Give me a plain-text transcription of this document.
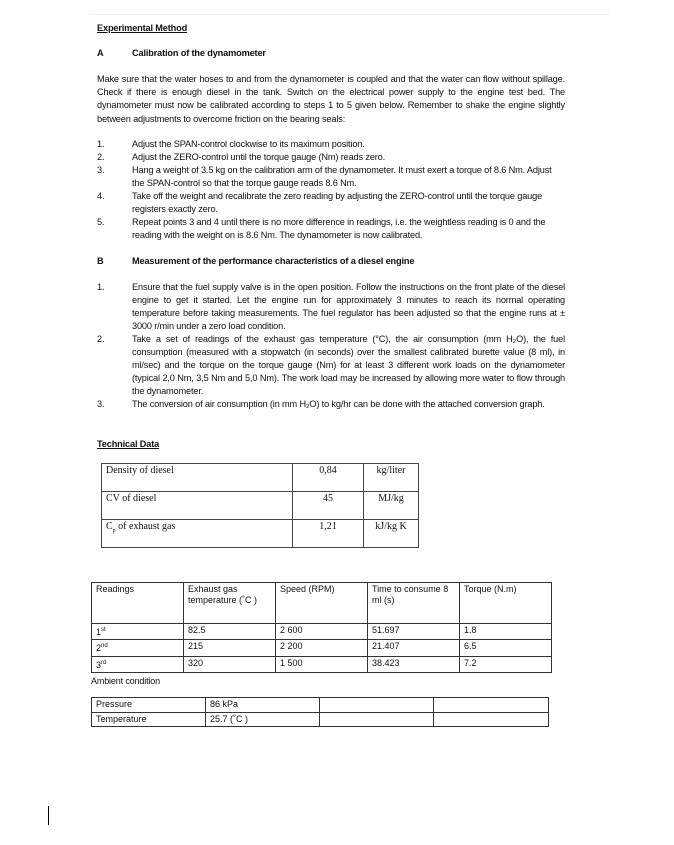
Experimental Method
A	Calibration of the dynamometer
Make sure that the water hoses to and from the dynamometer is coupled and that the water can flow without spillage. Check if there is enough diesel in the tank. Switch on the electrical power supply to the engine test bed. The dynamometer must now be calibrated according to steps 1 to 5 given below. Remember to shake the engine slightly between adjustments to overcome friction on the bearing seals:
1.	Adjust the SPAN-control clockwise to its maximum position.
2.	Adjust the ZERO-control until the torque gauge (Nm) reads zero.
3.	Hang a weight of 3.5 kg on the calibration arm of the dynamometer. It must exert a torque of 8.6 Nm. Adjust the SPAN-control so that the torque gauge reads 8.6 Nm.
4.	Take off the weight and recalibrate the zero reading by adjusting the ZERO-control until the torque gauge registers exactly zero.
5.	Repeat points 3 and 4 until there is no more difference in readings, i.e. the weightless reading is 0 and the reading with the weight on is 8.6 Nm. The dynamometer is now calibrated.
B	Measurement of the performance characteristics of a diesel engine
1.	Ensure that the fuel supply valve is in the open position. Follow the instructions on the front plate of the diesel engine to get it started. Let the engine run for approximately 3 minutes to reach its normal operating temperature before taking measurements. The fuel regulator has been adjusted so that the engine runs at ± 3000 r/min under a zero load condition.
2.	Take a set of readings of the exhaust gas temperature (°C), the air consumption (mm H₂O), the fuel consumption (measured with a stopwatch (in seconds) over the smallest calibrated burette value (8 ml), in ml/sec) and the torque on the torque gauge (Nm) for at least 3 different work loads on the dynamometer (typical 2,0 Nm, 3,5 Nm and 5,0 Nm). The work load may be increased by allowing more water to flow through the dynamometer.
3.	The conversion of air consumption (in mm H₂O) to kg/hr can be done with the attached conversion graph.
Technical Data
Density of diesel	0,84	kg/liter
CV of diesel	45	MJ/kg
$C_p$ of exhaust gas	1,21	kJ/kg K
Readings	Exhaust gas temperature (˚C )	Speed (RPM)	Time to consume 8 ml (s)	Torque (N.m)
1st	82.5	2 600	51.697	1.8
2nd	215	2 200	21.407	6.5
3rd	320	1 500	38.423	7.2
Ambient condition
Pressure	86 kPa		
Temperature	25.7 (˚C )		
